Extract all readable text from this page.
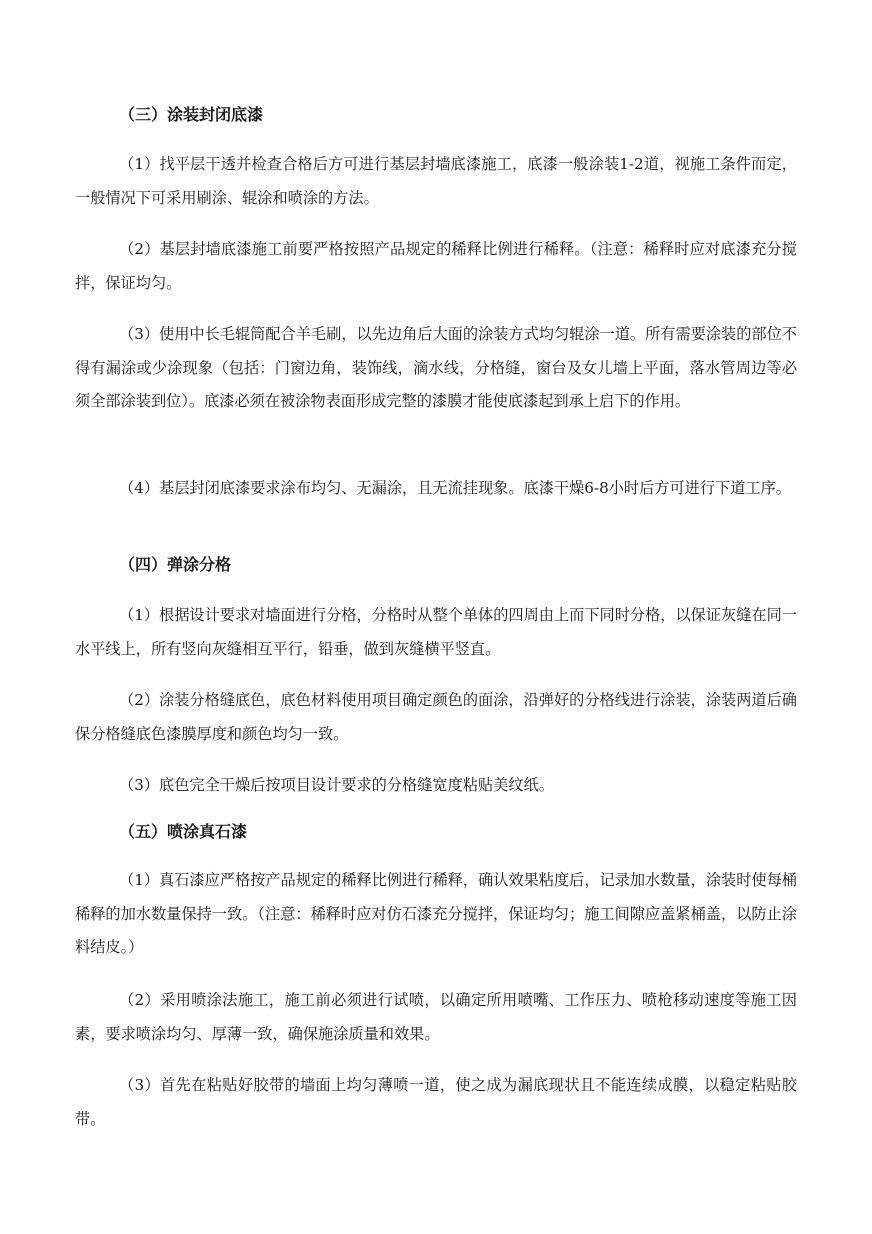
（三）涂装封闭底漆

（1）找平层干透并检查合格后方可进行基层封墙底漆施工，底漆一般涂装1-2道，视施工条件而定，一般情况下可采用刷涂、辊涂和喷涂的方法。

（2）基层封墙底漆施工前要严格按照产品规定的稀释比例进行稀释。（注意：稀释时应对底漆充分搅拌，保证均匀。

（3）使用中长毛辊筒配合羊毛刷，以先边角后大面的涂装方式均匀辊涂一道。所有需要涂装的部位不得有漏涂或少涂现象（包括：门窗边角，装饰线，滴水线，分格缝，窗台及女儿墙上平面，落水管周边等必须全部涂装到位）。底漆必须在被涂物表面形成完整的漆膜才能使底漆起到承上启下的作用。

（4）基层封闭底漆要求涂布均匀、无漏涂，且无流挂现象。底漆干燥6-8小时后方可进行下道工序。

（四）弹涂分格

（1）根据设计要求对墙面进行分格，分格时从整个单体的四周由上而下同时分格，以保证灰缝在同一水平线上，所有竖向灰缝相互平行，铅垂，做到灰缝横平竖直。

（2）涂装分格缝底色，底色材料使用项目确定颜色的面涂，沿弹好的分格线进行涂装，涂装两道后确保分格缝底色漆膜厚度和颜色均匀一致。

（3）底色完全干燥后按项目设计要求的分格缝宽度粘贴美纹纸。

（五）喷涂真石漆

（1）真石漆应严格按产品规定的稀释比例进行稀释，确认效果粘度后，记录加水数量，涂装时使每桶稀释的加水数量保持一致。（注意：稀释时应对仿石漆充分搅拌，保证均匀；施工间隙应盖紧桶盖，以防止涂料结皮。）

（2）采用喷涂法施工，施工前必须进行试喷，以确定所用喷嘴、工作压力、喷枪移动速度等施工因素，要求喷涂均匀、厚薄一致，确保施涂质量和效果。

（3）首先在粘贴好胶带的墙面上均匀薄喷一道，使之成为漏底现状且不能连续成膜，以稳定粘贴胶带。
